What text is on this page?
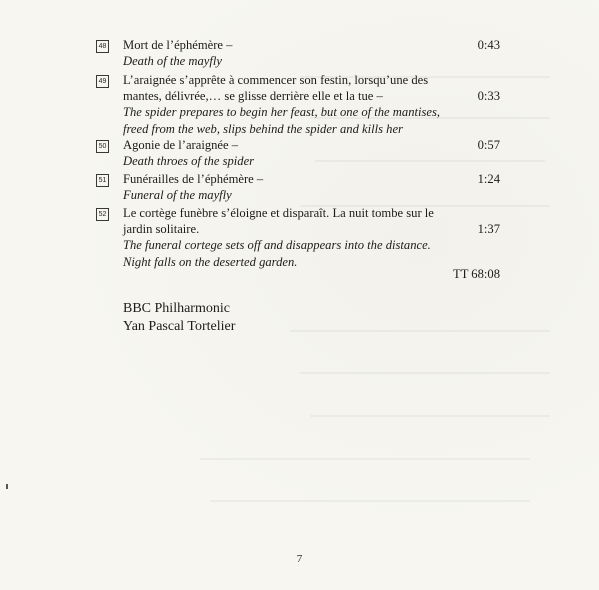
48 Mort de l’éphémère –
Death of the mayfly
0:43
49 L’araignée s’apprête à commencer son festin, lorsqu’une des
mantes, délivrée,… se glisse derrière elle et la tue –
The spider prepares to begin her feast, but one of the mantises,
freed from the web, slips behind the spider and kills her
0:33
50 Agonie de l’araignée –
Death throes of the spider
0:57
51 Funérailles de l’éphémère –
Funeral of the mayfly
1:24
52 Le cortège funèbre s’éloigne et disparaît. La nuit tombe sur le
jardin solitaire.
The funeral cortege sets off and disappears into the distance.
Night falls on the deserted garden.
1:37
TT 68:08
BBC Philharmonic
Yan Pascal Tortelier
7
